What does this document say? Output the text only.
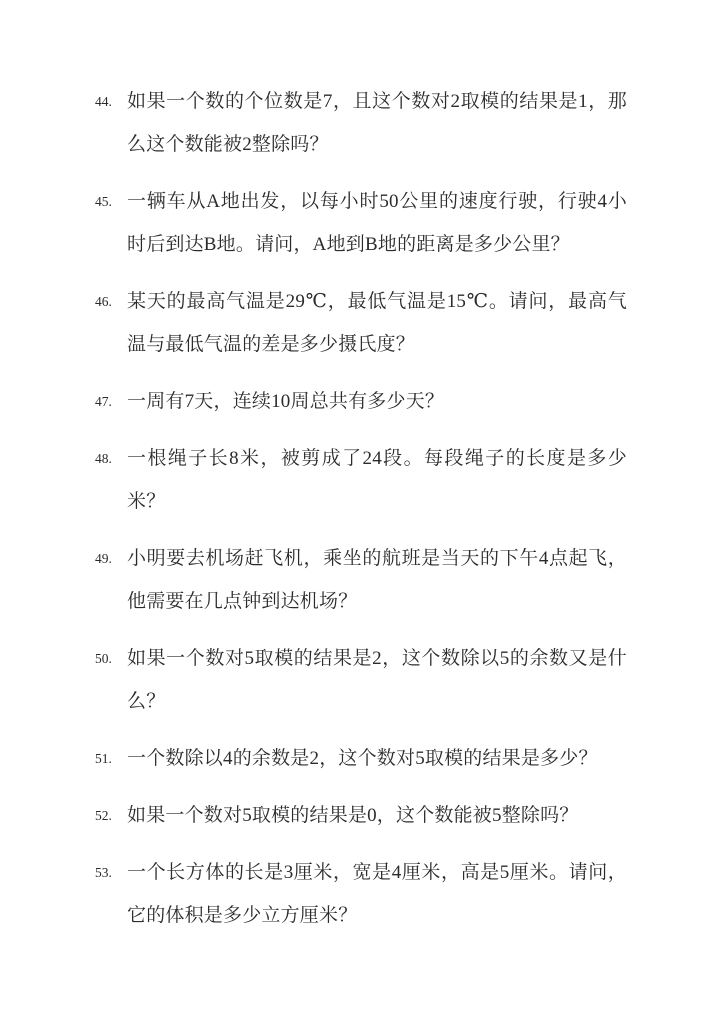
44. 如果一个数的个位数是7，且这个数对2取模的结果是1，那么这个数能被2整除吗？
45. 一辆车从A地出发，以每小时50公里的速度行驶，行驶4小时后到达B地。请问，A地到B地的距离是多少公里？
46. 某天的最高气温是29℃，最低气温是15℃。请问，最高气温与最低气温的差是多少摄氏度？
47. 一周有7天，连续10周总共有多少天？
48. 一根绳子长8米，被剪成了24段。每段绳子的长度是多少米？
49. 小明要去机场赶飞机，乘坐的航班是当天的下午4点起飞，他需要在几点钟到达机场？
50. 如果一个数对5取模的结果是2，这个数除以5的余数又是什么？
51. 一个数除以4的余数是2，这个数对5取模的结果是多少？
52. 如果一个数对5取模的结果是0，这个数能被5整除吗？
53. 一个长方体的长是3厘米，宽是4厘米，高是5厘米。请问，它的体积是多少立方厘米？
